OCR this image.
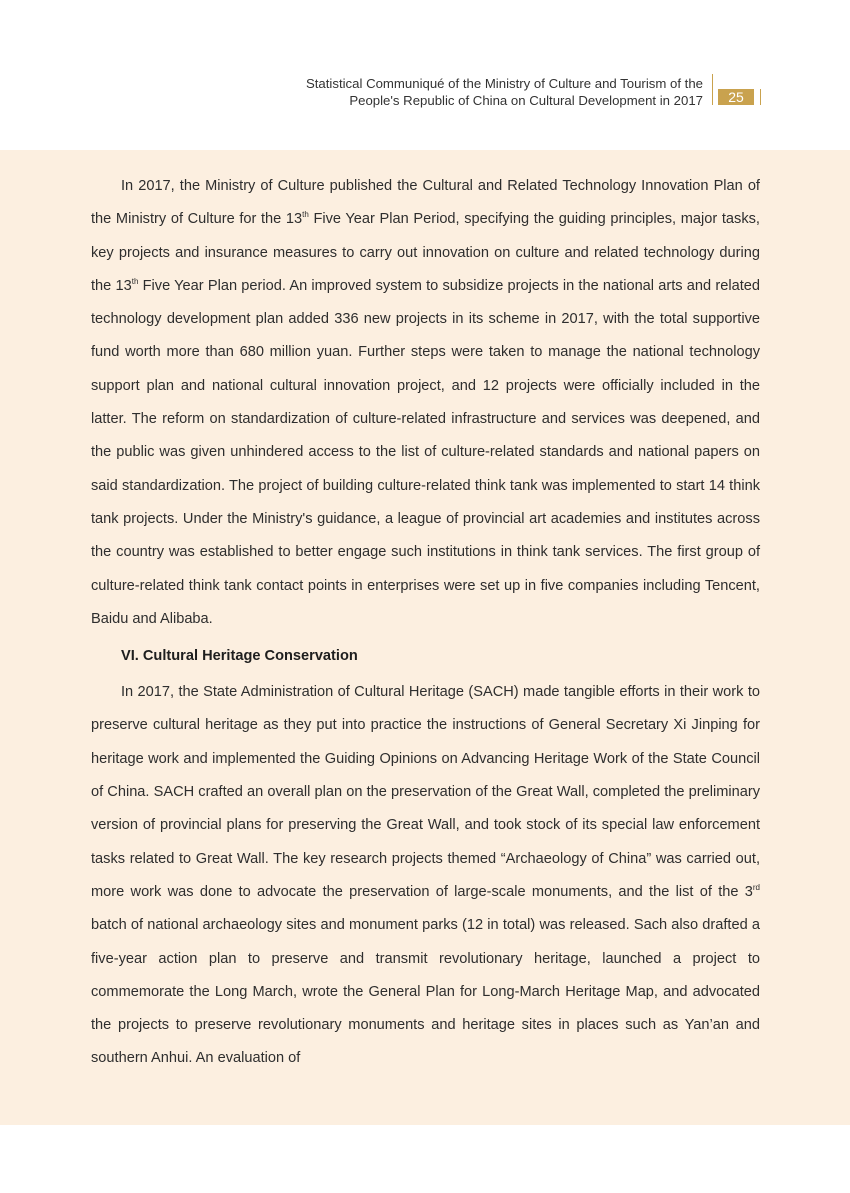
Statistical Communiqué of the Ministry of Culture and Tourism of the
People's Republic of China on Cultural Development in 2017	25

In 2017, the Ministry of Culture published the Cultural and Related Technology Innovation Plan of the Ministry of Culture for the 13th Five Year Plan Period, specifying the guiding principles, major tasks, key projects and insurance measures to carry out innovation on culture and related technology during the 13th Five Year Plan period. An improved system to subsidize projects in the national arts and related technology development plan added 336 new projects in its scheme in 2017, with the total supportive fund worth more than 680 million yuan. Further steps were taken to manage the national technology support plan and national cultural innovation project, and 12 projects were officially included in the latter. The reform on standardization of culture-related infrastructure and services was deepened, and the public was given unhindered access to the list of culture-related standards and national papers on said standardization. The project of building culture-related think tank was implemented to start 14 think tank projects. Under the Ministry's guidance, a league of provincial art academies and institutes across the country was established to better engage such institutions in think tank services. The first group of culture-related think tank contact points in enterprises were set up in five companies including Tencent, Baidu and Alibaba.

VI. Cultural Heritage Conservation

In 2017, the State Administration of Cultural Heritage (SACH) made tangible efforts in their work to preserve cultural heritage as they put into practice the instructions of General Secretary Xi Jinping for heritage work and implemented the Guiding Opinions on Advancing Heritage Work of the State Council of China. SACH crafted an overall plan on the preservation of the Great Wall, completed the preliminary version of provincial plans for preserving the Great Wall, and took stock of its special law enforcement tasks related to Great Wall. The key research projects themed “Archaeology of China” was carried out, more work was done to advocate the preservation of large-scale monuments, and the list of the 3rd batch of national archaeology sites and monument parks (12 in total) was released. Sach also drafted a five-year action plan to preserve and transmit revolutionary heritage, launched a project to commemorate the Long March, wrote the General Plan for Long-March Heritage Map, and advocated the projects to preserve revolutionary monuments and heritage sites in places such as Yan’an and southern Anhui. An evaluation of
